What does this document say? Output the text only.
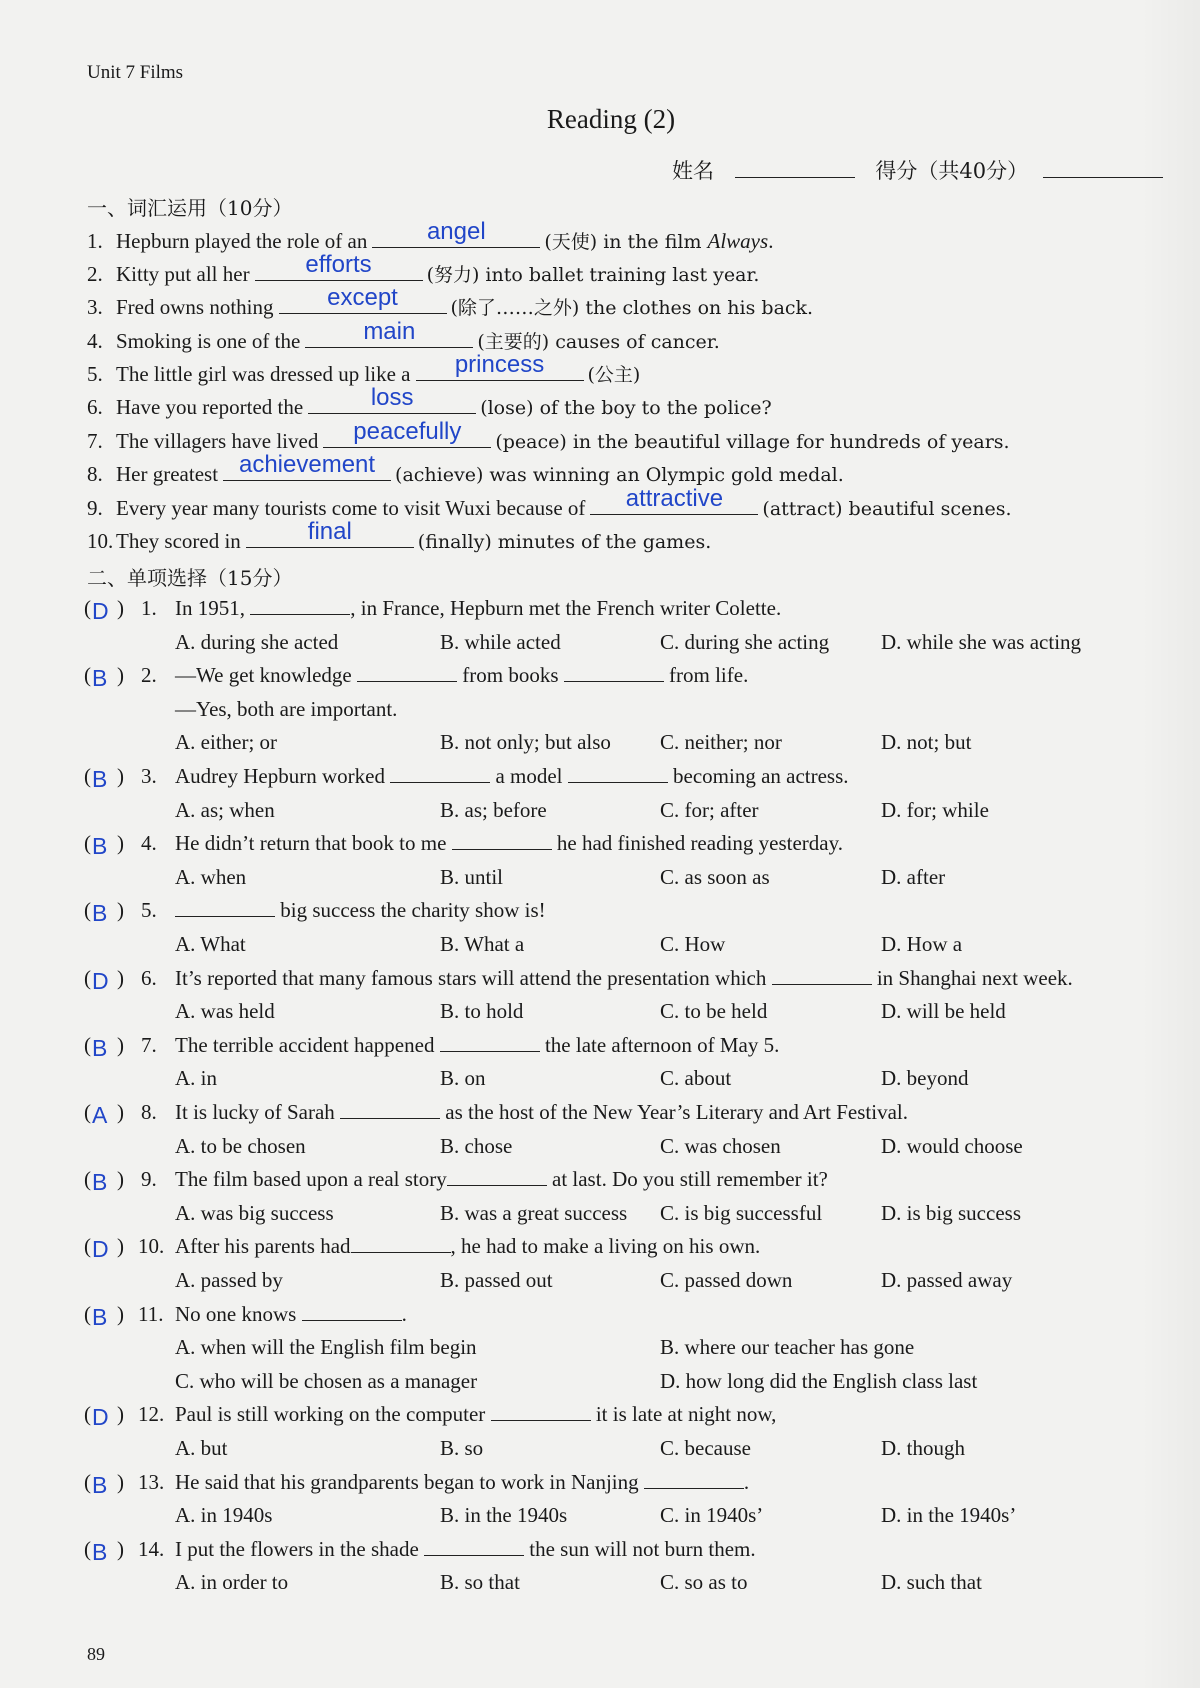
Unit 7 Films
Reading (2)
姓名	得分（共40分）
一、词汇运用（10分）
1. Hepburn played the role of an	angel	(天使) in the film Always.
2. Kitty put all her	efforts	(努力) into ballet training last year.
3. Fred owns nothing	except	(除了……之外) the clothes on his back.
4. Smoking is one of the	main	(主要的) causes of cancer.
5. The little girl was dressed up like a	princess	(公主)
6. Have you reported the	loss	(lose) of the boy to the police?
7. The villagers have lived	peacefully	(peace) in the beautiful village for hundreds of years.
8. Her greatest achievement	(achieve) was winning an Olympic gold medal.
9. Every year many tourists come to visit Wuxi because of	attractive	(attract) beautiful scenes.
10. They scored in	final	(finally) minutes of the games.
二、单项选择（15分）
( )
D 1. In 1951,	, in France, Hepburn met the French writer Colette.
A. during she acted	B. while acted	C. during she acting D. while she was acting
( )
B 2. —We get knowledge	from books	from life.
—Yes, both are important.
A. either; or	B. not only; but also C. neither; nor	D. not; but
( )
B 3. Audrey Hepburn worked	a model	becoming an actress.
A. as; when	B. as; before	C. for; after	D. for; while
( )
B 4. He didn’t return that book to me	he had finished reading yesterday.
A. when	B. until	C. as soon as	D. after
( )
B 5.	big success the charity show is!
A. What	B. What a	C. How	D. How a
( )
D 6. It’s reported that many famous stars will attend the presentation which	in Shanghai next week.
A. was held	B. to hold	C. to be held	D. will be held
( )
B 7. The terrible accident happened	the late afternoon of May 5.
A. in	B. on	C. about	D. beyond
( )
A 8. It is lucky of Sarah	as the host of the New Year’s Literary and Art Festival.
A. to be chosen	B. chose	C. was chosen	D. would choose
( )
B 9. The film based upon a real story	at last. Do you still remember it?
A. was big success	B. was a great success C. is big successful	D. is big success
( )
D 10. After his parents had	, he had to make a living on his own.
A. passed by	B. passed out	C. passed down	D. passed away
( )
B 11. No one knows	.
A. when will the English film begin	B. where our teacher has gone
C. who will be chosen as a manager	D. how long did the English class last
( )
D 12. Paul is still working on the computer	it is late at night now,
A. but	B. so	C. because	D. though
( )
B 13. He said that his grandparents began to work in Nanjing	.
A. in 1940s	B. in the 1940s	C. in 1940s’	D. in the 1940s’
( )
B 14. I put the flowers in the shade	the sun will not burn them.
A. in order to	B. so that	C. so as to	D. such that
89
